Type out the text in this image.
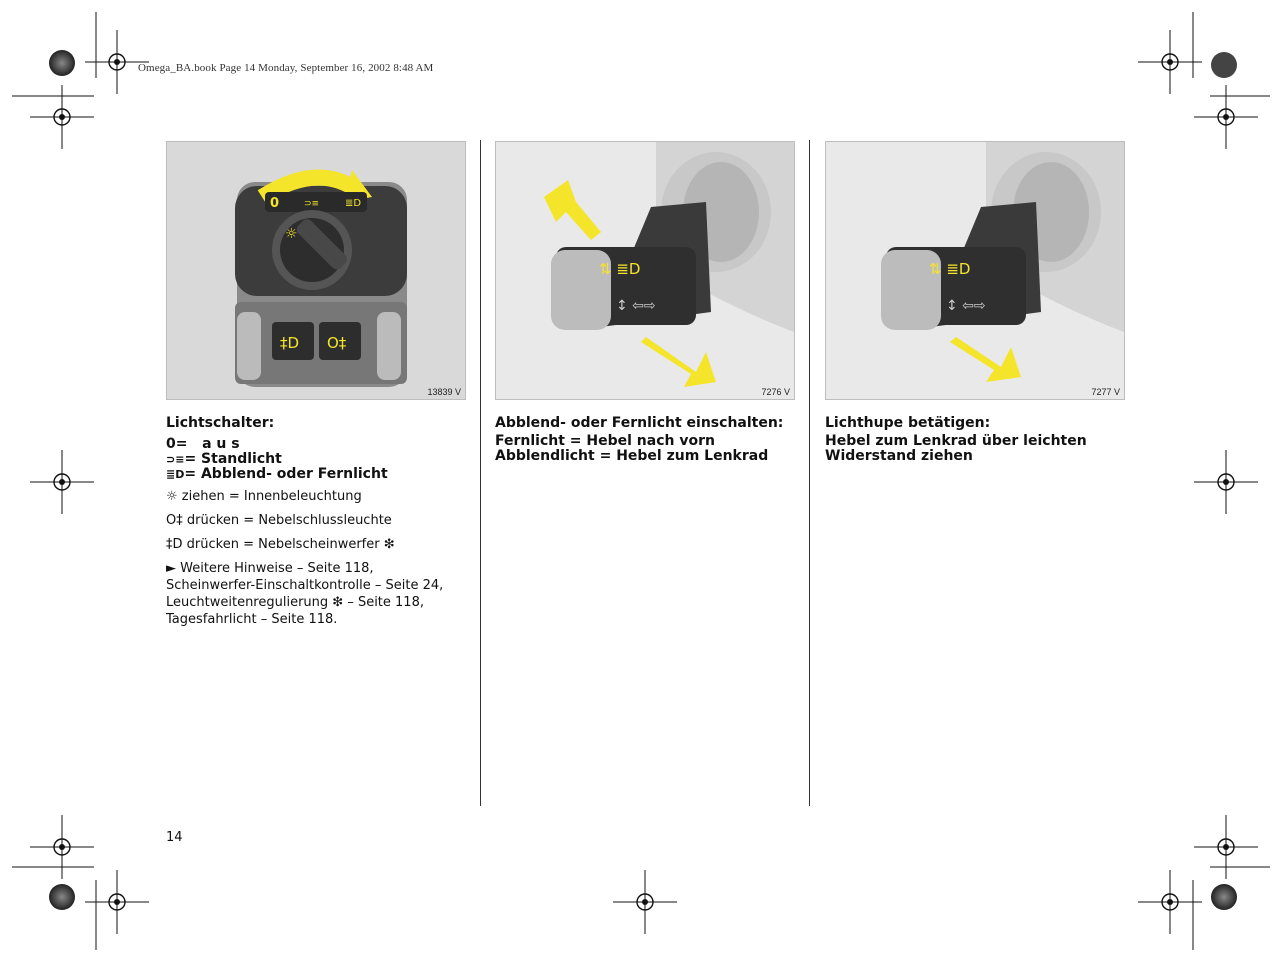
Omega_BA.book Page 14 Monday, September 16, 2002 8:48 AM
0	⊃≡	≣D
☼
‡D O‡
13839 V
⇅ ≣D
↕ ⇦⇨
7276 V
⇅ ≣D
↕ ⇦⇨
7277 V
Lichtschalter:
0=   a u s
⊃≡= Standlicht
≣D= Abblend- oder Fernlicht
☼ ziehen = Innenbeleuchtung
O‡ drücken = Nebelschlussleuchte
‡D drücken = Nebelscheinwerfer ❇
► Weitere Hinweise – Seite 118,
Scheinwerfer-Einschaltkontrolle – Seite 24,
Leuchtweitenregulierung ❇ – Seite 118,
Tagesfahrlicht – Seite 118.
Abblend- oder Fernlicht einschalten:
Fernlicht = Hebel nach vorn
Abblendlicht = Hebel zum Lenkrad
Lichthupe betätigen:
Hebel zum Lenkrad über leichten
Widerstand ziehen
14
